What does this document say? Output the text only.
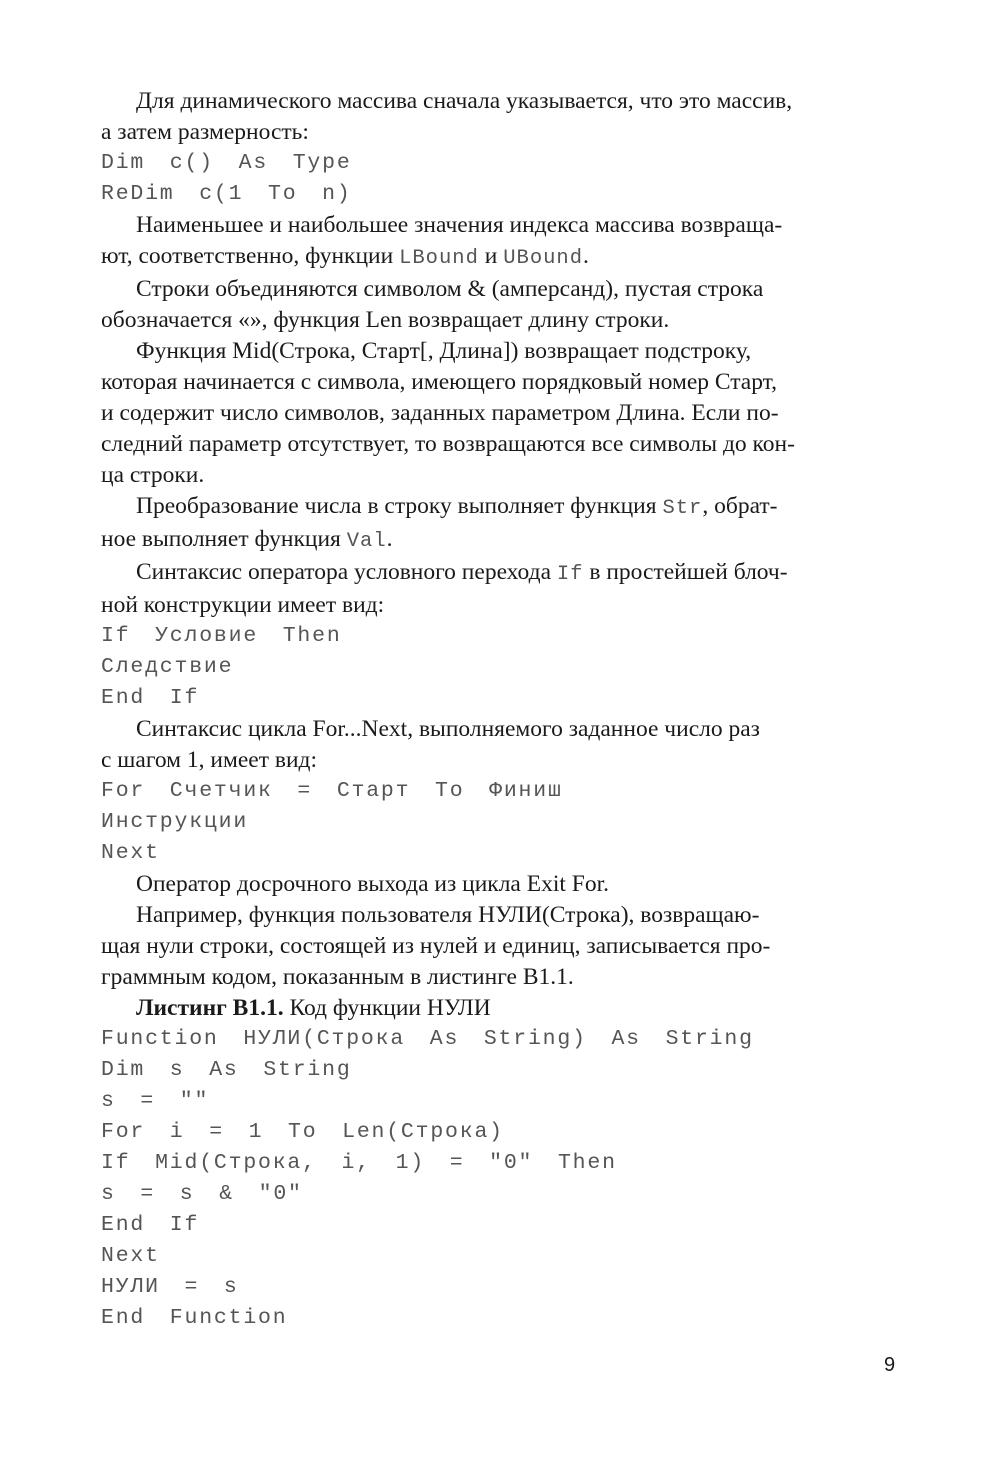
Для динамического массива сначала указывается, что это массив,
а затем размерность:

Dim c() As Type
ReDim c(1 To n)

Наименьшее и наибольшее значения индекса массива возвраща-
ют, соответственно, функции LBound и UBound.

Строки объединяются символом & (амперсанд), пустая строка
обозначается «», функция Len возвращает длину строки.

Функция Mid(Строка, Старт[, Длина]) возвращает подстроку,
которая начинается с символа, имеющего порядковый номер Старт,
и содержит число символов, заданных параметром Длина. Если по-
следний параметр отсутствует, то возвращаются все символы до кон-
ца строки.

Преобразование числа в строку выполняет функция Str, обрат-
ное выполняет функция Val.

Синтаксис оператора условного перехода If в простейшей блоч-
ной конструкции имеет вид:

If Условие Then
Следствие
End If

Синтаксис цикла For...Next, выполняемого заданное число раз
с шагом 1, имеет вид:

For Счетчик = Старт To Финиш
Инструкции
Next

Оператор досрочного выхода из цикла Exit For.

Например, функция пользователя НУЛИ(Строка), возвращаю-
щая нули строки, состоящей из нулей и единиц, записывается про-
граммным кодом, показанным в листинге В1.1.

Листинг В1.1. Код функции НУЛИ

Function НУЛИ(Строка As String) As String
Dim s As String
s = ""
For i = 1 To Len(Строка)
If Mid(Строка, i, 1) = "0" Then
s = s & "0"
End If
Next
НУЛИ = s
End Function
9
